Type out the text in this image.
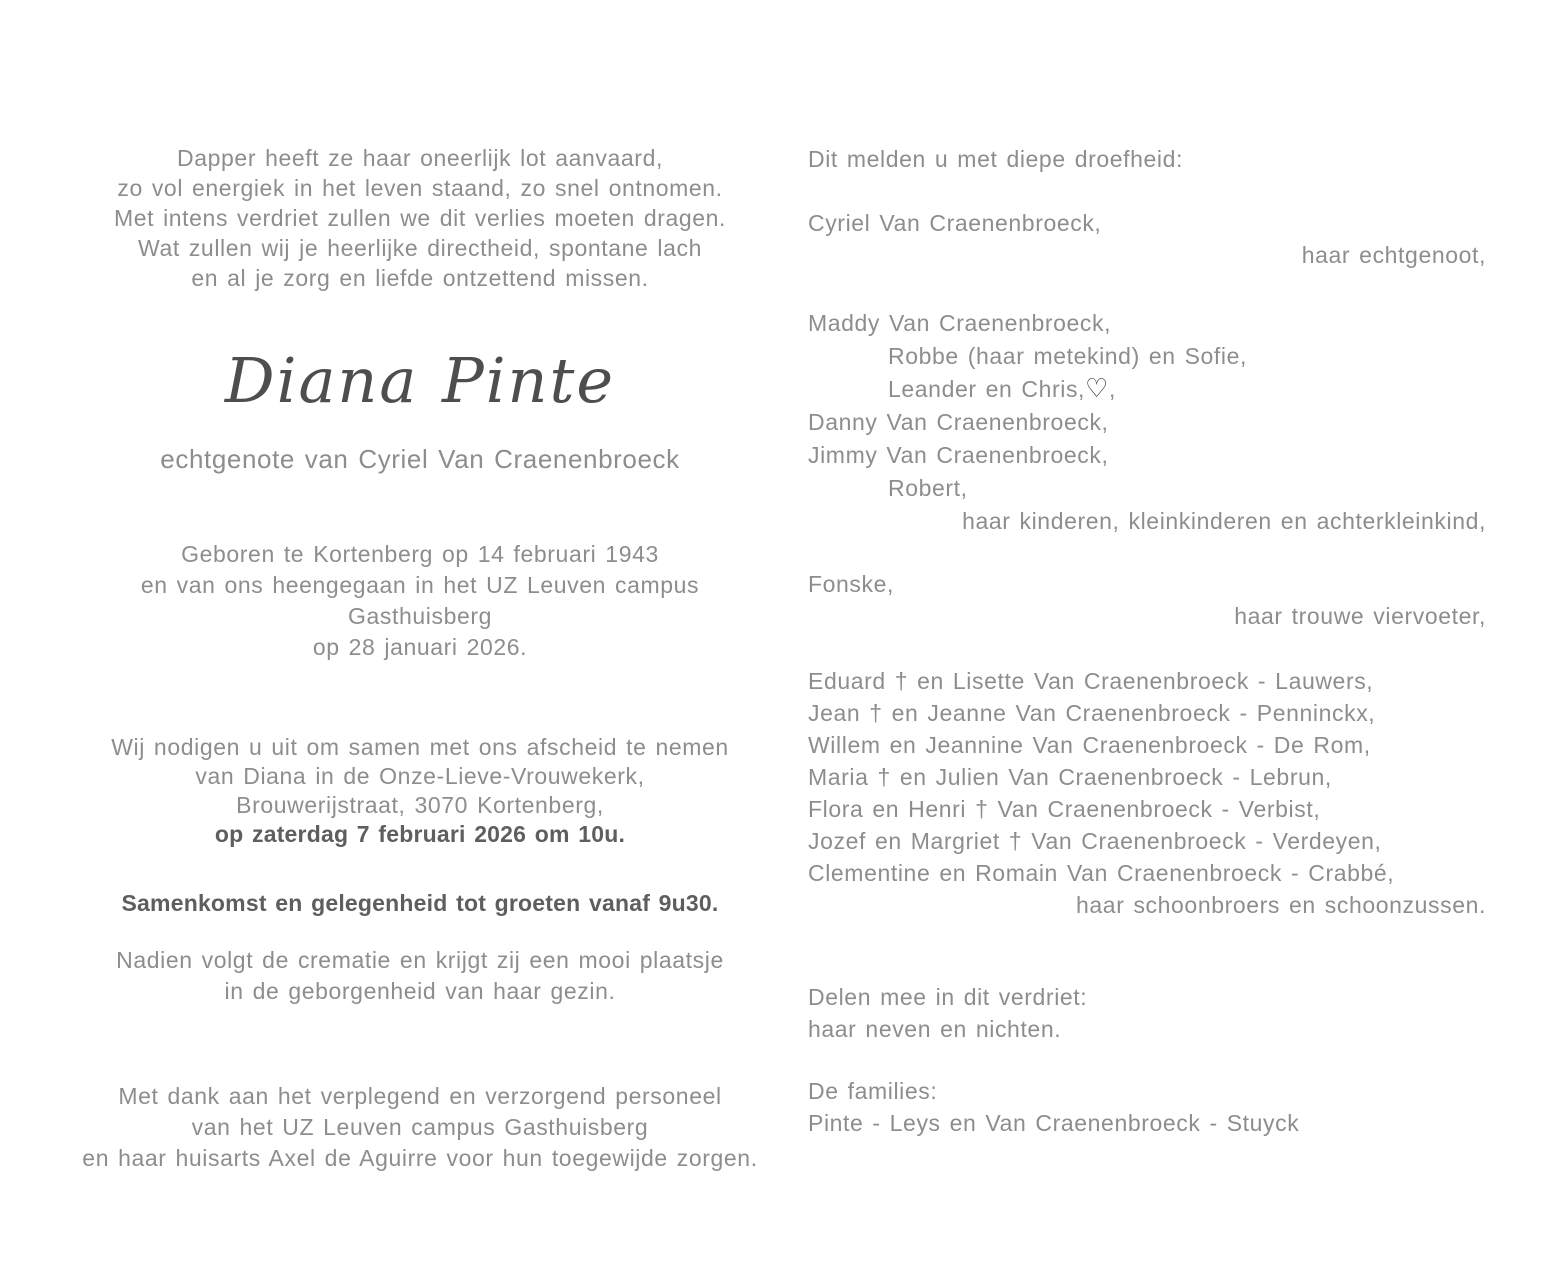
Dapper heeft ze haar oneerlijk lot aanvaard,
zo vol energiek in het leven staand, zo snel ontnomen.
Met intens verdriet zullen we dit verlies moeten dragen.
Wat zullen wij je heerlijke directheid, spontane lach
en al je zorg en liefde ontzettend missen.
Diana Pinte
echtgenote van Cyriel Van Craenenbroeck
Geboren te Kortenberg op 14 februari 1943
en van ons heengegaan in het UZ Leuven campus Gasthuisberg
op 28 januari 2026.
Wij nodigen u uit om samen met ons afscheid te nemen
van Diana in de Onze-Lieve-Vrouwekerk,
Brouwerijstraat, 3070 Kortenberg,
op zaterdag 7 februari 2026 om 10u.
Samenkomst en gelegenheid tot groeten vanaf 9u30.
Nadien volgt de crematie en krijgt zij een mooi plaatsje
in de geborgenheid van haar gezin.
Met dank aan het verplegend en verzorgend personeel
van het UZ Leuven campus Gasthuisberg
en haar huisarts Axel de Aguirre voor hun toegewijde zorgen.
Dit melden u met diepe droefheid:
Cyriel Van Craenenbroeck,
haar echtgenoot,
Maddy Van Craenenbroeck,
Robbe (haar metekind) en Sofie,
Leander en Chris,♡,
Danny Van Craenenbroeck,
Jimmy Van Craenenbroeck,
Robert,
haar kinderen, kleinkinderen en achterkleinkind,
Fonske,
haar trouwe viervoeter,
Eduard † en Lisette Van Craenenbroeck - Lauwers,
Jean † en Jeanne Van Craenenbroeck - Penninckx,
Willem en Jeannine Van Craenenbroeck - De Rom,
Maria † en Julien Van Craenenbroeck - Lebrun,
Flora en Henri † Van Craenenbroeck - Verbist,
Jozef en Margriet † Van Craenenbroeck - Verdeyen,
Clementine en Romain Van Craenenbroeck - Crabbé,
haar schoonbroers en schoonzussen.
Delen mee in dit verdriet:
haar neven en nichten.
De families:
Pinte - Leys en Van Craenenbroeck - Stuyck
